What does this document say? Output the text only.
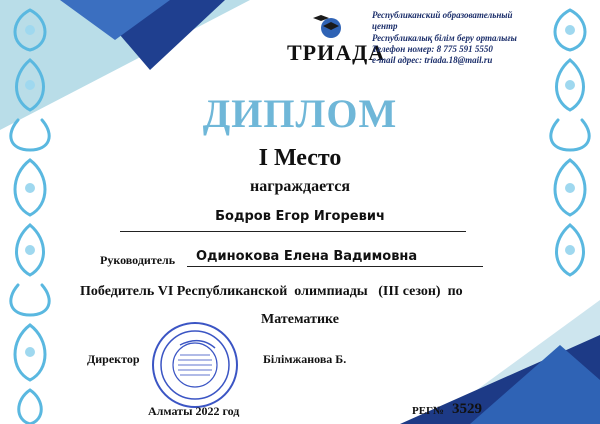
ТРИАДА
Республиканский образовательный центр
Республикалық білім беру орталығы
Телефон номер: 8 775 591 5550
e-mail адрес: triada.18@mail.ru
ДИПЛОМ
I Место
награждается
Бодров Егор Игоревич
Руководитель Одинокова Елена Вадимовна
Победитель VI Республиканской  олимпиады   (III сезон)  по
Математике
Директор	Білімжанова Б.
Алматы 2022 год	РЕГ№ 3529
